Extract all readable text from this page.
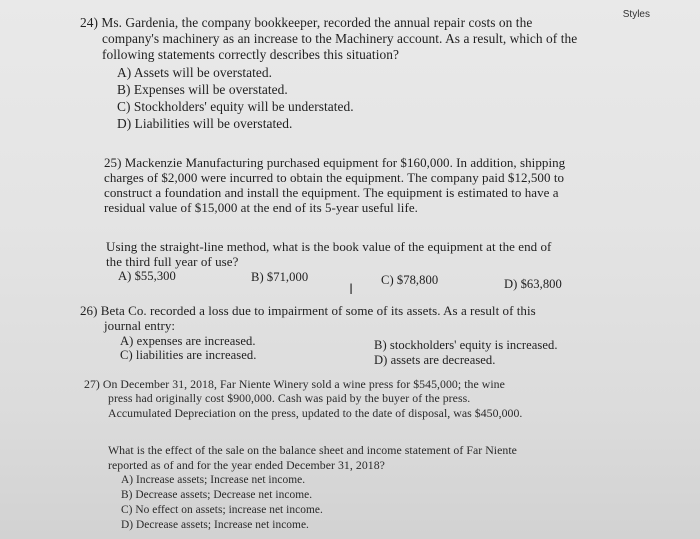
Styles
24) Ms. Gardenia, the company bookkeeper, recorded the annual repair costs on the
company's machinery as an increase to the Machinery account. As a result, which of the
following statements correctly describes this situation?
A) Assets will be overstated.
B) Expenses will be overstated.
C) Stockholders' equity will be understated.
D) Liabilities will be overstated.
25) Mackenzie Manufacturing purchased equipment for $160,000. In addition, shipping
charges of $2,000 were incurred to obtain the equipment. The company paid $12,500 to
construct a foundation and install the equipment. The equipment is estimated to have a
residual value of $15,000 at the end of its 5-year useful life.
Using the straight-line method, what is the book value of the equipment at the end of
the third full year of use?
A) $55,300	B) $71,000	C) $78,800	D) $63,800
I
26) Beta Co. recorded a loss due to impairment of some of its assets. As a result of this
journal entry:
A) expenses are increased.	B) stockholders' equity is increased.
C) liabilities are increased.	D) assets are decreased.
27) On December 31, 2018, Far Niente Winery sold a wine press for $545,000; the wine
press had originally cost $900,000. Cash was paid by the buyer of the press.
Accumulated Depreciation on the press, updated to the date of disposal, was $450,000.
What is the effect of the sale on the balance sheet and income statement of Far Niente
reported as of and for the year ended December 31, 2018?
A) Increase assets; Increase net income.
B) Decrease assets; Decrease net income.
C) No effect on assets; increase net income.
D) Decrease assets; Increase net income.
